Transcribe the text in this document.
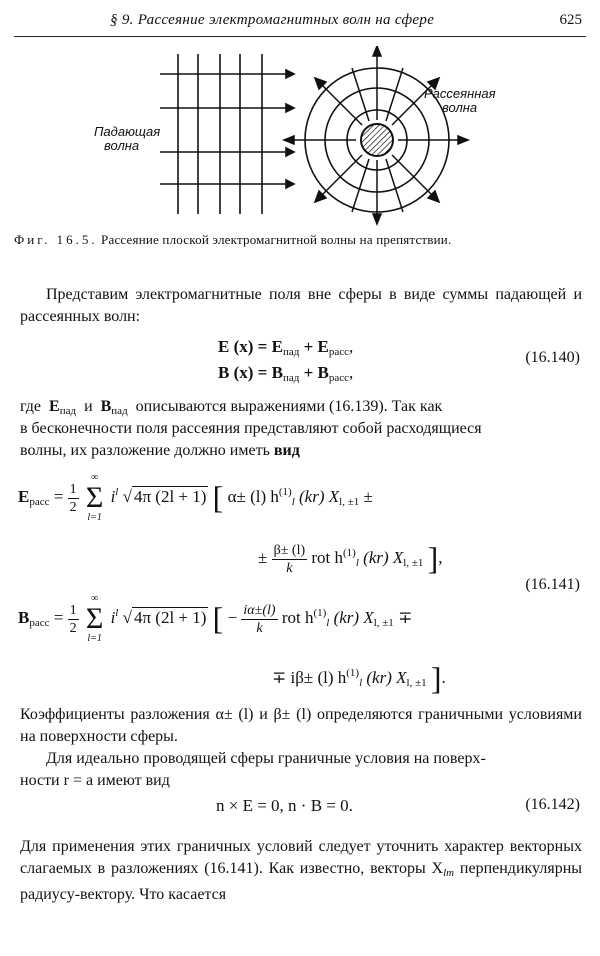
§ 9. Рассеяние электромагнитных волн на сфере	625
Падающая
волна
Рассеянная
волна
Фиг. 16.5. Рассеяние плоской электромагнитной волны на препятствии.
Представим электромагнитные поля вне сферы в виде суммы падающей и рассеянных волн:
E $(x) = E_{пад} + E_{расс}$,
B $(x) = B_{пад} + B_{расс}$,
(16.140)
где $E_{пад}$ и $B_{пад}$ описываются выражениями (16.139). Так как
в бесконечности поля рассеяния представляют собой расходящиеся
волны, их разложение должно иметь вид
$E_{расс} = \frac{1}{2}$

∞
Σ
l=1
$i^l$ √ 4π (2l + 1) [ α± (l) $h^{(1)}_l$ (kr) $X_{l, \pm 1}$ ±
± $\frac{\beta\pm (l)}{k}$ rot $h^{(1)}_l$ (kr) $X_{l, \pm 1}$ ],
(16.141)
$B_{расс} = \frac{1}{2}$

∞
Σ
l=1
$i^l$ √ 4π (2l + 1) [ − $\frac{i\alpha\pm(l)}{k}$ rot $h^{(1)}_l$ (kr) $X_{l, \pm 1}$ ∓
∓ iβ± (l) $h^{(1)}_l$ (kr) $X_{l, \pm 1}$ ].
Коэффициенты разложения α± (l) и β± (l) определяются граничными условиями на поверхности сферы.
Для идеально проводящей сферы граничные условия на поверх-
ности r = a имеют вид
n × E = 0, n · B = 0.	(16.142)
Для применения этих граничных условий следует уточнить характер векторных слагаемых в разложениях (16.141). Как известно, векторы $X_{lm}$ перпендикулярны радиусу-вектору. Что касается
